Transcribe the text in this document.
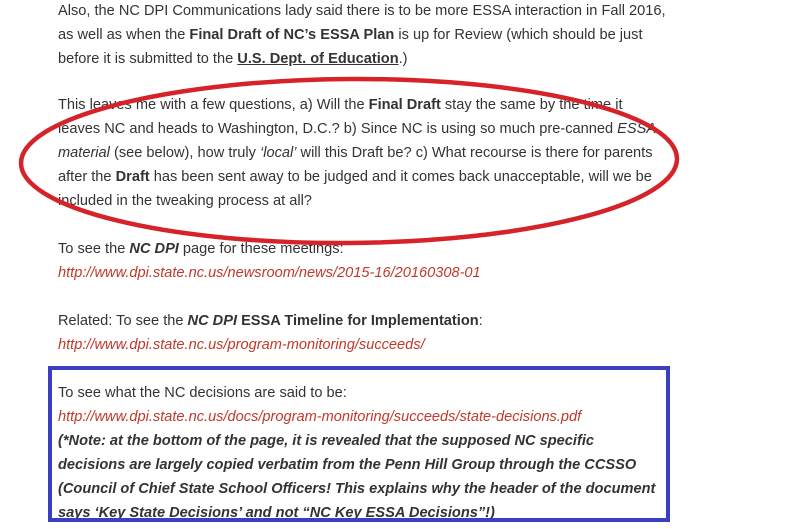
Also, the NC DPI Communications lady said there is to be more ESSA interaction in Fall 2016, as well as when the Final Draft of NC’s ESSA Plan is up for Review (which should be just before it is submitted to the U.S. Dept. of Education.)

This leaves me with a few questions, a) Will the Final Draft stay the same by the time it leaves NC and heads to Washington, D.C.? b) Since NC is using so much pre-canned ESSA material (see below), how truly ‘local’ will this Draft be? c) What recourse is there for parents after the Draft has been sent away to be judged and it comes back unacceptable, will we be included in the tweaking process at all?

To see the NC DPI page for these meetings:
http://www.dpi.state.nc.us/newsroom/news/2015-16/20160308-01

Related: To see the NC DPI ESSA Timeline for Implementation:
http://www.dpi.state.nc.us/program-monitoring/succeeds/

To see what the NC decisions are said to be:
http://www.dpi.state.nc.us/docs/program-monitoring/succeeds/state-decisions.pdf
(*Note: at the bottom of the page, it is revealed that the supposed NC specific decisions are largely copied verbatim from the Penn Hill Group through the CCSSO (Council of Chief State School Officers! This explains why the header of the document says ‘Key State Decisions’ and not “NC Key ESSA Decisions”!)
